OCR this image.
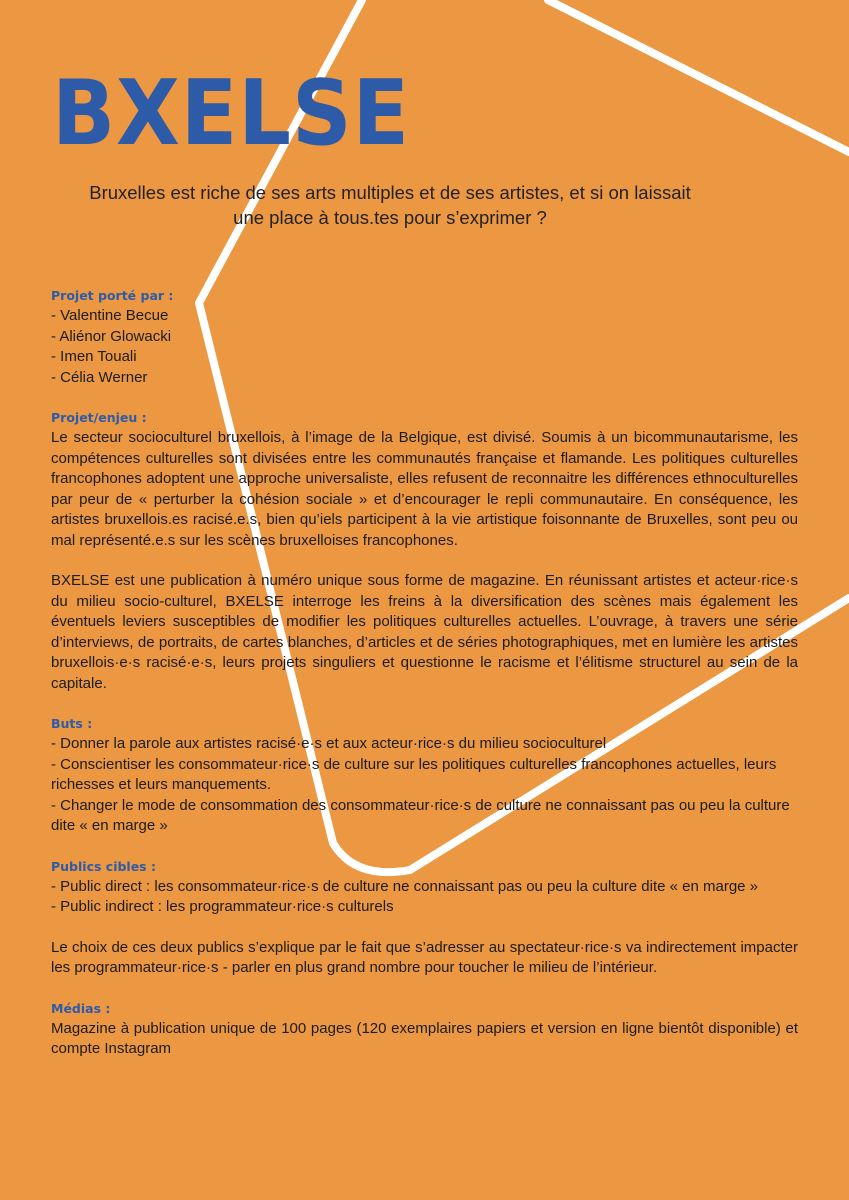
BXELSE
Bruxelles est riche de ses arts multiples et de ses artistes, et si on laissait
une place à tous.tes pour s’exprimer ?
Projet porté par :
- Valentine Becue
- Aliénor Glowacki
- Imen Touali
- Célia Werner
Projet/enjeu :

Le secteur socioculturel bruxellois, à l’image de la Belgique, est divisé. Soumis à un bicommunautarisme, les compétences culturelles sont divisées entre les communautés française et flamande. Les politiques culturelles francophones adoptent une approche universaliste, elles refusent de reconnaitre les différences ethnoculturelles par peur de « perturber la cohésion sociale » et d’encourager le repli communautaire. En conséquence, les artistes bruxellois.es racisé.e.s, bien qu’iels participent à la vie artistique foisonnante de Bruxelles, sont peu ou mal représenté.e.s sur les scènes bruxelloises francophones.

BXELSE est une publication à numéro unique sous forme de magazine. En réunissant artistes et acteur·rice·s du milieu socio-culturel, BXELSE interroge les freins à la diversification des scènes mais également les éventuels leviers susceptibles de modifier les politiques culturelles actuelles. L’ouvrage, à travers une série d’interviews, de portraits, de cartes blanches, d’articles et de séries photographiques, met en lumière les artistes bruxellois·e·s racisé·e·s, leurs projets singuliers et questionne le racisme et l’élitisme structurel au sein de la capitale.

Buts :
- Donner la parole aux artistes racisé·e·s et aux acteur·rice·s du milieu socioculturel
- Conscientiser les consommateur·rice·s de culture sur les politiques culturelles francophones actuelles, leurs richesses et leurs manquements.
- Changer le mode de consommation des consommateur·rice·s de culture ne connaissant pas ou peu la culture dite « en marge »
Publics cibles :
- Public direct : les consommateur·rice·s de culture ne connaissant pas ou peu la culture dite « en marge »
- Public indirect : les programmateur·rice·s culturels

Le choix de ces deux publics s’explique par le fait que s’adresser au spectateur·rice·s va indirectement impacter les programmateur·rice·s - parler en plus grand nombre pour toucher le milieu de l’intérieur.

Médias :

Magazine à publication unique de 100 pages (120 exemplaires papiers et version en ligne bientôt disponible) et compte Instagram
